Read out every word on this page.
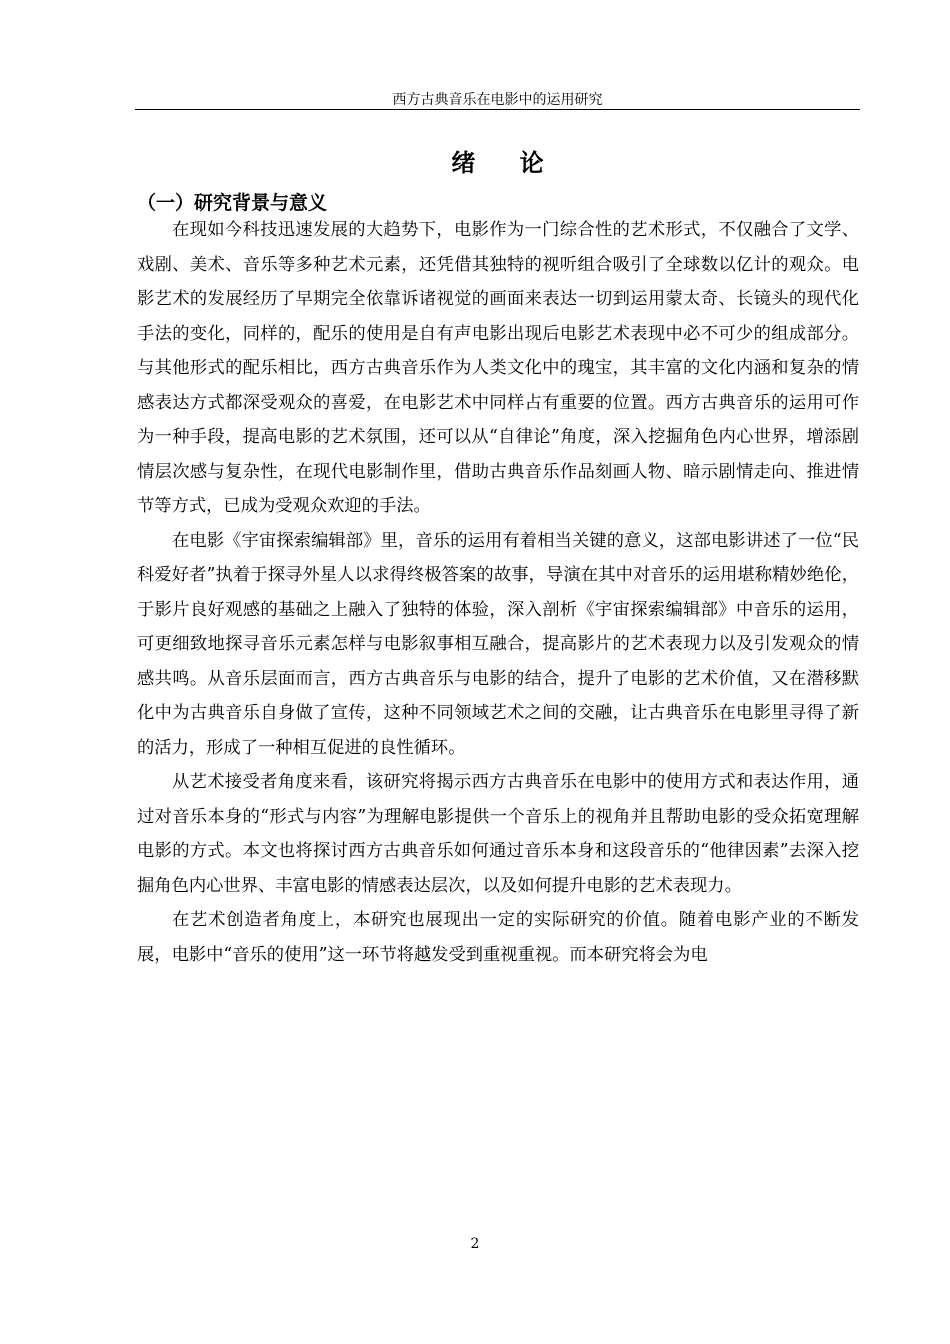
西方古典音乐在电影中的运用研究
绪 论
（一）研究背景与意义

在现如今科技迅速发展的大趋势下，电影作为一门综合性的艺术形式，不仅融合了文学、戏剧、美术、音乐等多种艺术元素，还凭借其独特的视听组合吸引了全球数以亿计的观众。电影艺术的发展经历了早期完全依靠诉诸视觉的画面来表达一切到运用蒙太奇、长镜头的现代化手法的变化，同样的，配乐的使用是自有声电影出现后电影艺术表现中必不可少的组成部分。与其他形式的配乐相比，西方古典音乐作为人类文化中的瑰宝，其丰富的文化内涵和复杂的情感表达方式都深受观众的喜爱，在电影艺术中同样占有重要的位置。西方古典音乐的运用可作为一种手段，提高电影的艺术氛围，还可以从“自律论”角度，深入挖掘角色内心世界，增添剧情层次感与复杂性，在现代电影制作里，借助古典音乐作品刻画人物、暗示剧情走向、推进情节等方式，已成为受观众欢迎的手法。

在电影《宇宙探索编辑部》里，音乐的运用有着相当关键的意义，这部电影讲述了一位“民科爱好者”执着于探寻外星人以求得终极答案的故事，导演在其中对音乐的运用堪称精妙绝伦，于影片良好观感的基础之上融入了独特的体验，深入剖析《宇宙探索编辑部》中音乐的运用，可更细致地探寻音乐元素怎样与电影叙事相互融合，提高影片的艺术表现力以及引发观众的情感共鸣。从音乐层面而言，西方古典音乐与电影的结合，提升了电影的艺术价值，又在潜移默化中为古典音乐自身做了宣传，这种不同领域艺术之间的交融，让古典音乐在电影里寻得了新的活力，形成了一种相互促进的良性循环。

从艺术接受者角度来看，该研究将揭示西方古典音乐在电影中的使用方式和表达作用，通过对音乐本身的“形式与内容”为理解电影提供一个音乐上的视角并且帮助电影的受众拓宽理解电影的方式。本文也将探讨西方古典音乐如何通过音乐本身和这段音乐的“他律因素”去深入挖掘角色内心世界、丰富电影的情感表达层次，以及如何提升电影的艺术表现力。

在艺术创造者角度上，本研究也展现出一定的实际研究的价值。随着电影产业的不断发展，电影中“音乐的使用”这一环节将越发受到重视重视。而本研究将会为电

2
